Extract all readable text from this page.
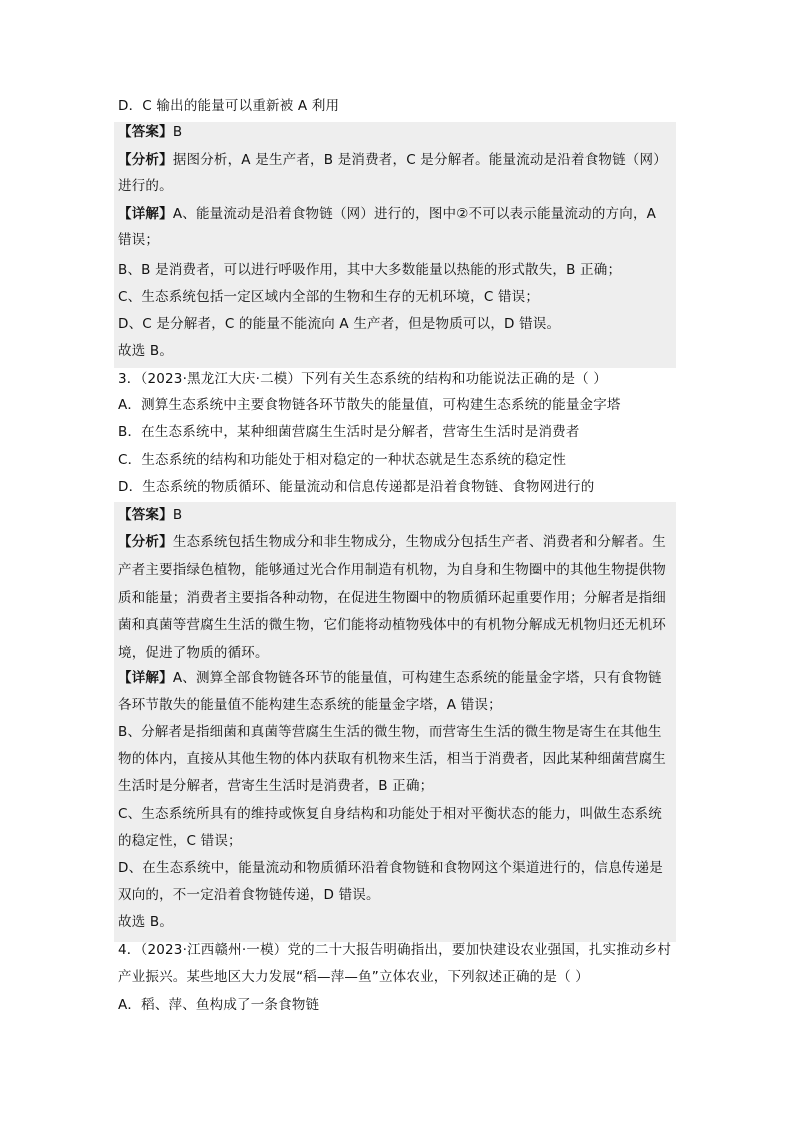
D．C 输出的能量可以重新被 A 利用
【答案】B
【分析】据图分析，A 是生产者，B 是消费者，C 是分解者。能量流动是沿着食物链（网）
进行的。
【详解】A、能量流动是沿着食物链（网）进行的，图中②不可以表示能量流动的方向，A
错误；
B、B 是消费者，可以进行呼吸作用，其中大多数能量以热能的形式散失，B 正确；
C、生态系统包括一定区域内全部的生物和生存的无机环境，C 错误；
D、C 是分解者，C 的能量不能流向 A 生产者，但是物质可以，D 错误。
故选 B。
3．（2023·黑龙江大庆·二模）下列有关生态系统的结构和功能说法正确的是（ ）
A．测算生态系统中主要食物链各环节散失的能量值，可构建生态系统的能量金字塔
B．在生态系统中，某种细菌营腐生生活时是分解者，营寄生生活时是消费者
C．生态系统的结构和功能处于相对稳定的一种状态就是生态系统的稳定性
D．生态系统的物质循环、能量流动和信息传递都是沿着食物链、食物网进行的
【答案】B
【分析】生态系统包括生物成分和非生物成分，生物成分包括生产者、消费者和分解者。生
产者主要指绿色植物，能够通过光合作用制造有机物，为自身和生物圈中的其他生物提供物
质和能量；消费者主要指各种动物，在促进生物圈中的物质循环起重要作用；分解者是指细
菌和真菌等营腐生生活的微生物，它们能将动植物残体中的有机物分解成无机物归还无机环
境，促进了物质的循环。
【详解】A、测算全部食物链各环节的能量值，可构建生态系统的能量金字塔，只有食物链
各环节散失的能量值不能构建生态系统的能量金字塔，A 错误；
B、分解者是指细菌和真菌等营腐生生活的微生物，而营寄生生活的微生物是寄生在其他生
物的体内，直接从其他生物的体内获取有机物来生活，相当于消费者，因此某种细菌营腐生
生活时是分解者，营寄生生活时是消费者，B 正确；
C、生态系统所具有的维持或恢复自身结构和功能处于相对平衡状态的能力，叫做生态系统
的稳定性，C 错误；
D、在生态系统中，能量流动和物质循环沿着食物链和食物网这个渠道进行的，信息传递是
双向的，不一定沿着食物链传递，D 错误。
故选 B。
4．（2023·江西赣州·一模）党的二十大报告明确指出，要加快建设农业强国，扎实推动乡村
产业振兴。某些地区大力发展“稻—萍—鱼”立体农业，下列叙述正确的是（ ）
A．稻、萍、鱼构成了一条食物链
